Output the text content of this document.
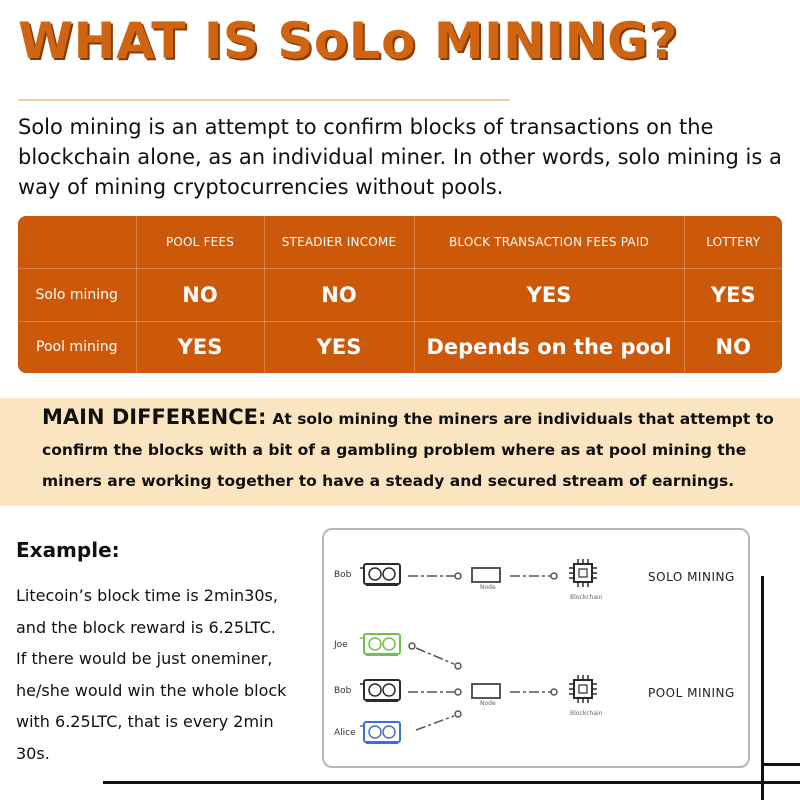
WHAT IS SoLo MINING?

Solo mining is an attempt to confirm blocks of transactions on the blockchain alone, as an individual miner. In other words, solo mining is a way of mining cryptocurrencies without pools.

	POOL FEES	STEADIER INCOME	BLOCK TRANSACTION FEES PAID	LOTTERY
Solo mining	NO	NO	YES	YES
Pool mining	YES	YES	Depends on the pool	NO

MAIN DIFFERENCE: At solo mining the miners are individuals that attempt to confirm the blocks with a bit of a gambling problem where as at pool mining the miners are working together to have a steady and secured stream of earnings.

Example:
Litecoin’s block time is 2min30s,
and the block reward is 6.25LTC.
If there would be just oneminer,
he/she would win the whole block
with 6.25LTC, that is every 2min
30s.
Bob
Joe
Bob
Alice
Node
Node
Blockchain
Blockchain
SOLO MINING
POOL MINING
